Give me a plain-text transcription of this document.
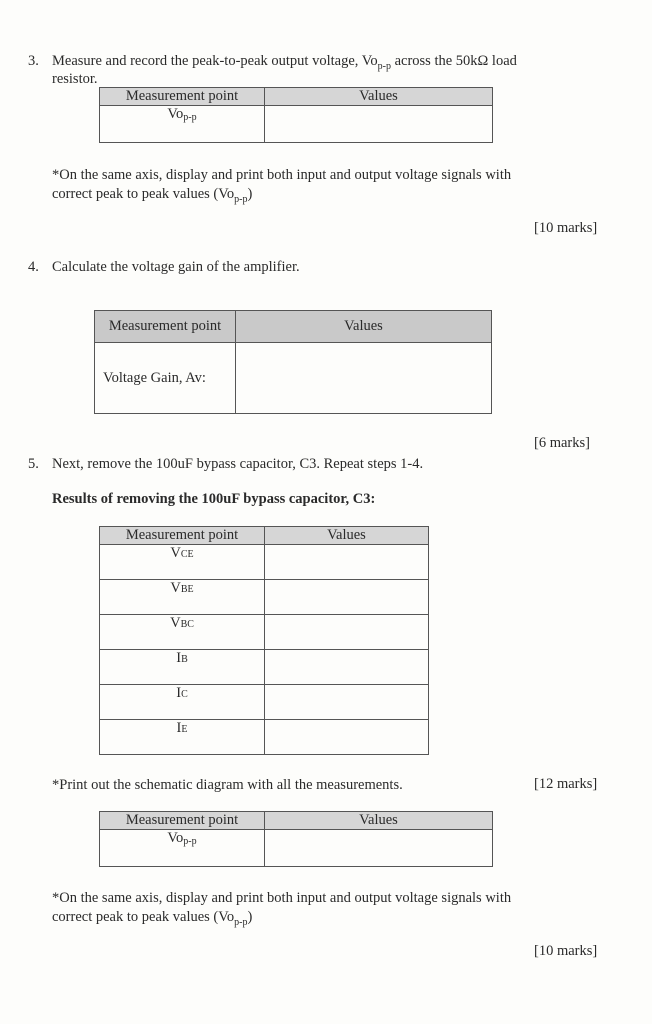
3. Measure and record the peak-to-peak output voltage, $Vo_{p-p}$ across the 50kΩ load
resistor.
Measurement point	Values
$Vo_{p-p}$	
*On the same axis, display and print both input and output voltage signals with
correct peak to peak values $(Vo_{p-p})$
[10 marks]
4. Calculate the voltage gain of the amplifier.
Measurement point	Values
Voltage Gain, Av:	
[6 marks]
5. Next, remove the 100uF bypass capacitor, C3. Repeat steps 1-4.
Results of removing the 100uF bypass capacitor, C3:
Measurement point	Values
VCE	
VBE	
VBC	
IB	
IC	
IE	
*Print out the schematic diagram with all the measurements.	[12 marks]
Measurement point	Values
$Vo_{p-p}$	
*On the same axis, display and print both input and output voltage signals with
correct peak to peak values $(Vo_{p-p})$
[10 marks]
